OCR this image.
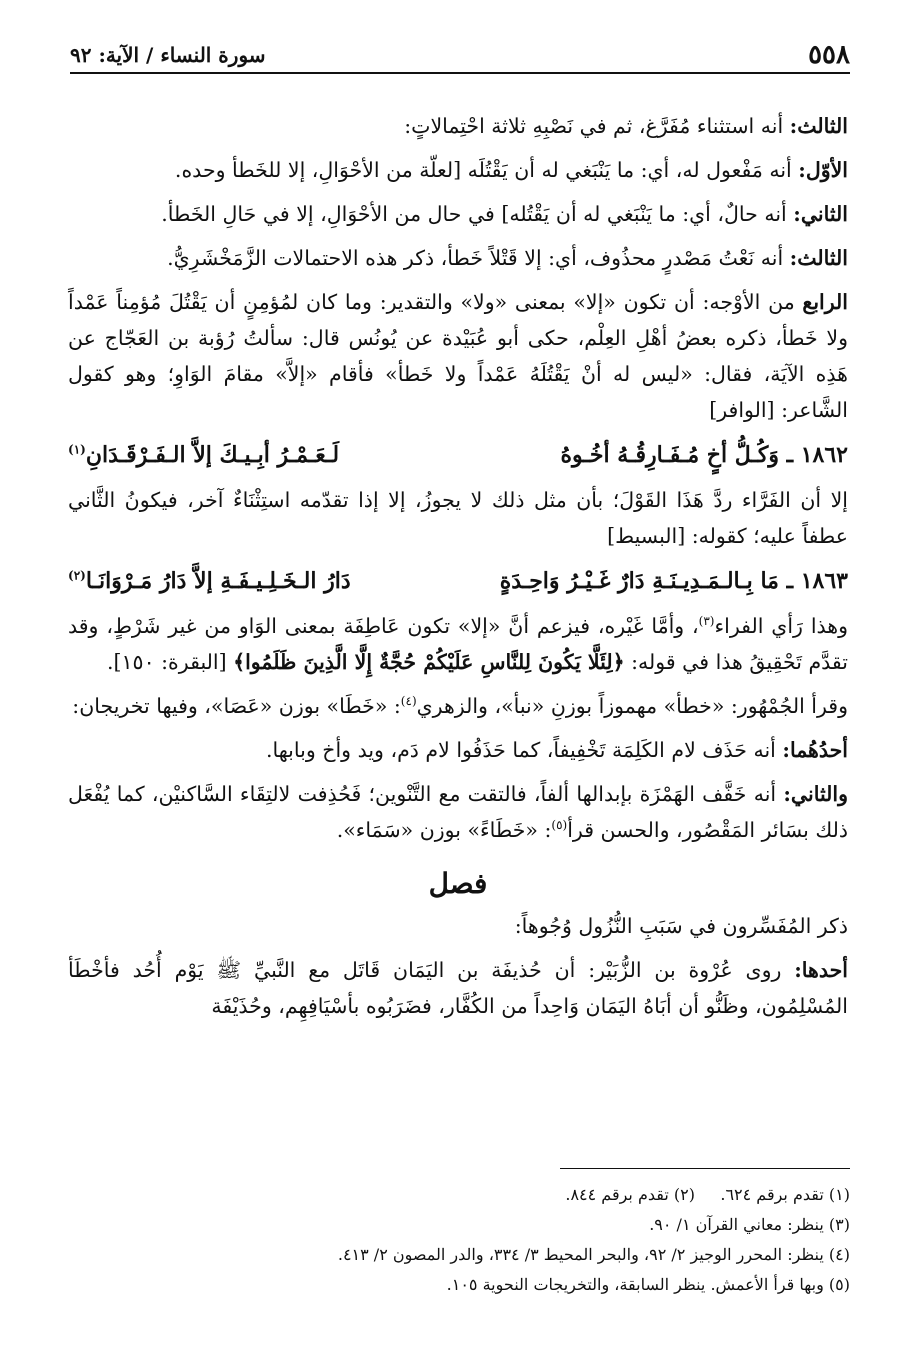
٥٥٨
سورة النساء / الآية: ٩٢

الثالث: أنه استثناء مُفَرَّغ، ثم في نَصْبِهِ ثلاثة احْتِمالاتٍ:

الأوّل: أنه مَفْعول له، أي: ما يَنْبَغي له أن يَقْتُلَه [لعلّة من الأحْوَالِ، إلا للخَطأ وحده.

الثاني: أنه حالٌ، أي: ما يَنْبَغي له أن يَقْتُله] في حال من الأحْوَالِ، إلا في حَالِ الخَطأ.

الثالث: أنه نَعْتُ مَصْدرٍ محذُوف، أي: إلا قَتْلاً خَطأ، ذكر هذه الاحتمالات الزَّمَخْشَرِيُّ.

الرابع من الأوْجه: أن تكون «إلا» بمعنى «ولا» والتقدير: وما كان لمُؤمِنٍ أن يَقْتُلَ مُؤمِناً عَمْداً ولا خَطأ، ذكره بعضُ أهْلِ العِلْم، حكى أبو عُبَيْدة عن يُونُس قال: سألتُ رُؤبة بن العَجّاج عن هَذِه الآيَة، فقال: «ليس له أنْ يَقْتُلَهُ عَمْداً ولا خَطأ» فأقام «إلاَّ» مقامَ الوَاوِ؛ وهو كقول الشَّاعر: [الوافر]

١٨٦٢ ـ وَكُـلُّ أخٍ مُـفَـارِقُـهُ أخُـوهُ
لَـعَـمْـرُ أبِـيـكَ إلاَّ الـفَـرْقَـدَانِ$^{(١)}$

إلا أن الفَرَّاء ردَّ هَذَا القَوْلَ؛ بأن مثل ذلك لا يجوزُ، إلا إذا تقدّمه استِثْنَاءٌ آخر، فيكونُ الثَّاني عطفاً عليه؛ كقوله: [البسيط]

١٨٦٣ ـ مَا بِـالـمَـدِيـنَـةِ دَارٌ غَـيْـرُ وَاحِـدَةٍ
دَارُ الـخَـلِـيـفَـةِ إلاَّ دَارُ مَـرْوَانَـا$^{(٢)}$

وهذا رَأي الفراء$^{(٣)}$، وأمَّا غَيْره، فيزعم أنَّ «إلا» تكون عَاطِفَة بمعنى الوَاو من غير شَرْطٍ، وقد تقدَّم تَحْقِيقُ هذا في قوله: ﴿لِئَلَّا يَكُونَ لِلنَّاسِ عَلَيْكُمْ حُجَّةٌ إِلَّا الَّذِينَ ظَلَمُوا﴾ [البقرة: ١٥٠].

وقرأ الجُمْهُور: «خطأ» مهموزاً بوزنِ «نبأ»، والزهري$^{(٤)}$: «خَطَا» بوزن «عَصَا»، وفيها تخريجان:

أحدُهُما: أنه حَذَف لام الكَلِمَة تَخْفِيفاً، كما حَذَفُوا لام دَم، ويد وأخ وبابها.

والثاني: أنه خَفَّف الهَمْزَة بإبدالها ألفاً، فالتقت مع التَّنْوين؛ فَحُذِفت لالتِقَاء السَّاكنيْن، كما يُفْعَل ذلك بسَائر المَقْصُور، والحسن قرأ$^{(٥)}$: «خَطَاءً» بوزن «سَمَاء».

فصل

ذكر المُفَسِّرون في سَبَبِ النُّزُول وُجُوهاً:

أحدها: روى عُرْوة بن الزُّبَيْر: أن حُذيفَة بن اليَمَان قَاتَل مع النَّبيِّ ﷺ يَوْم أُحُد فأخْطَأ المُسْلِمُون، وظَنُّو أن أبَاهُ اليَمَان وَاحِداً من الكُفَّار، فضَرَبُوه بأسْيَافِهِم، وحُذَيْفَة

(١) تقدم برقم ٦٢٤.
(٢) تقدم برقم ٨٤٤.
(٣) ينظر: معاني القرآن ١/ ٩٠.
(٤) ينظر: المحرر الوجيز ٢/ ٩٢، والبحر المحيط ٣/ ٣٣٤، والدر المصون ٢/ ٤١٣.
(٥) وبها قرأ الأعمش. ينظر السابقة، والتخريجات النحوية ١٠٥.
